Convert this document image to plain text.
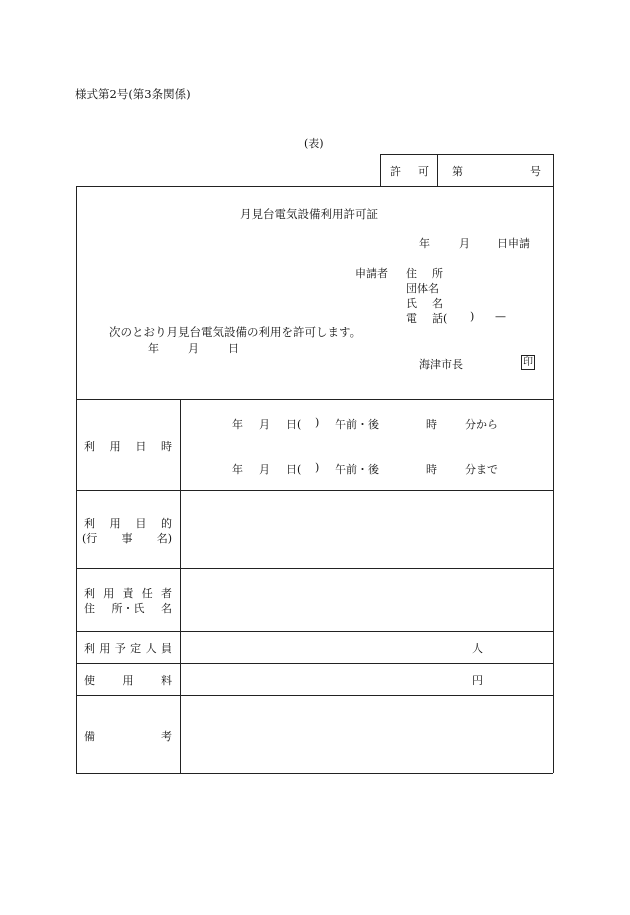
様式第2号(第3条関係)
(表)
許 可 第	号
月見台電気設備利用許可証
年	月 日申請
申請者 住 所
団体名
氏 名
電 話( ) —
次のとおり月見台電気設備の利用を許可します。
年	月	日
海津市長	印
利 用 日 時
年 月 日( ) 午前・後	時	分から
年 月 日( ) 午前・後	時	分まで
利 用 目 的
(行 事 名)
利 用 責 任 者
住 所・氏 名
利 用 予 定 人 員	人
使	用	料	円
備	考
